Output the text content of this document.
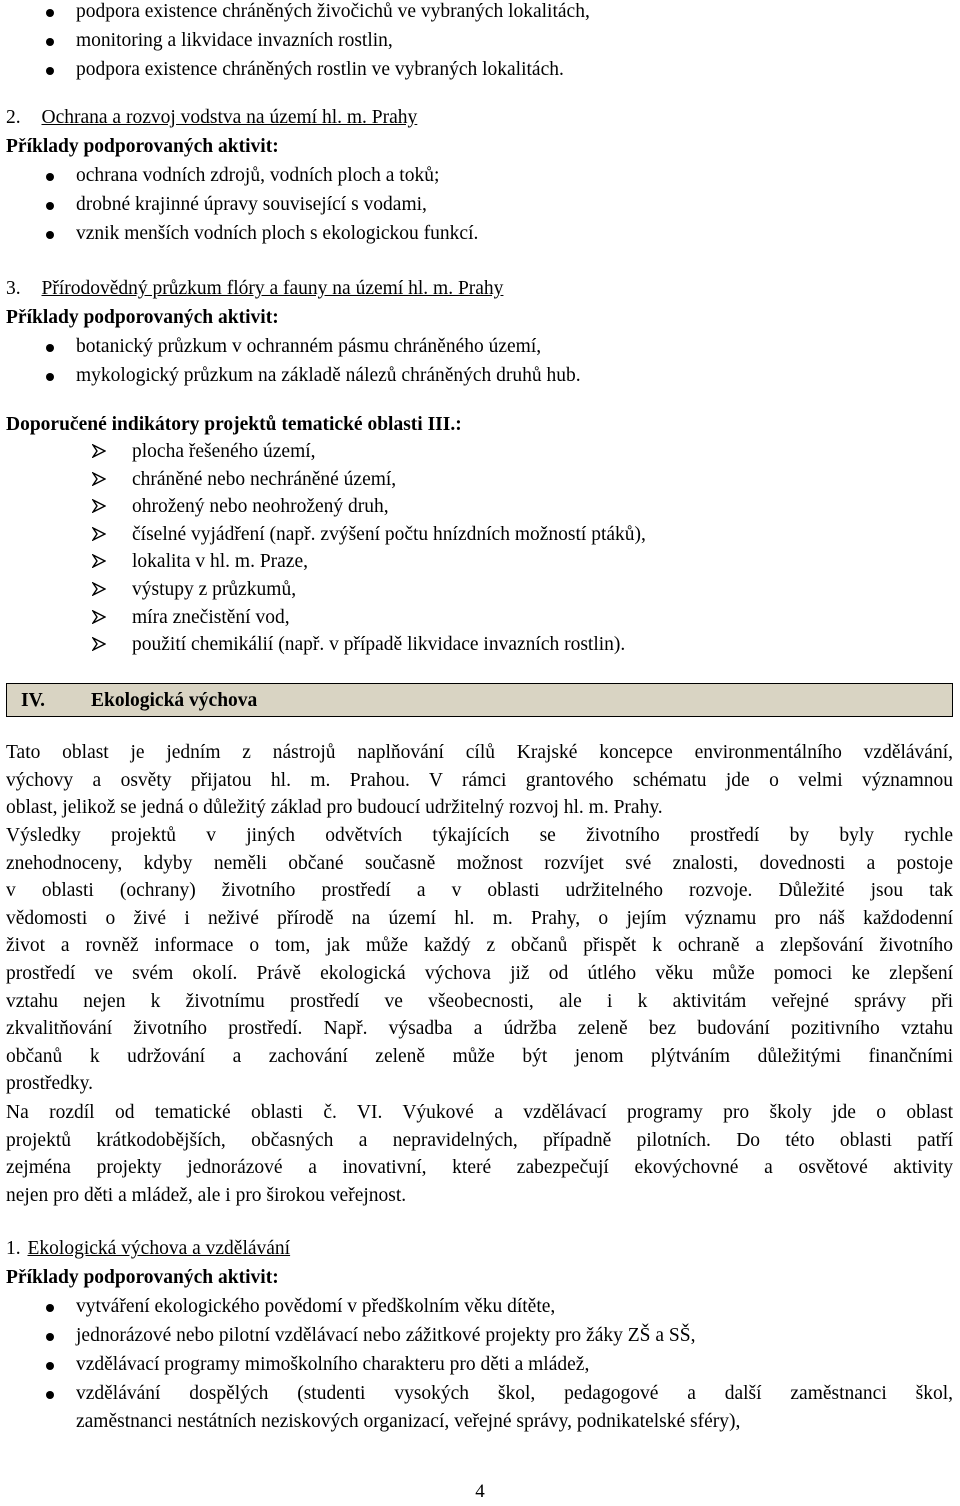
podpora existence chráněných živočichů ve vybraných lokalitách,
monitoring a likvidace invazních rostlin,
podpora existence chráněných rostlin ve vybraných lokalitách.
2. Ochrana a rozvoj vodstva na území hl. m. Prahy
Příklady podporovaných aktivit:
ochrana vodních zdrojů, vodních ploch a toků;
drobné krajinné úpravy související s vodami,
vznik menších vodních ploch s ekologickou funkcí.
3. Přírodovědný průzkum flóry a fauny na území hl. m. Prahy
Příklady podporovaných aktivit:
botanický průzkum v ochranném pásmu chráněného území,
mykologický průzkum na základě nálezů chráněných druhů hub.
Doporučené indikátory projektů tematické oblasti III.:
plocha řešeného území,
chráněné nebo nechráněné území,
ohrožený nebo neohrožený druh,
číselné vyjádření (např. zvýšení počtu hnízdních možností ptáků),
lokalita v hl. m. Praze,
výstupy z průzkumů,
míra znečistění vod,
použití chemikálií (např. v případě likvidace invazních rostlin).
IV. Ekologická výchova
Tato oblast je jedním z nástrojů naplňování cílů Krajské koncepce environmentálního vzdělávání,
výchovy a osvěty přijatou hl. m. Prahou. V rámci grantového schématu jde o velmi významnou
oblast, jelikož se jedná o důležitý základ pro budoucí udržitelný rozvoj hl. m. Prahy.
Výsledky projektů v jiných odvětvích týkajících se životního prostředí by byly rychle
znehodnoceny, kdyby neměli občané současně možnost rozvíjet své znalosti, dovednosti a postoje
v oblasti (ochrany) životního prostředí a v oblasti udržitelného rozvoje. Důležité jsou tak
vědomosti o živé i neživé přírodě na území hl. m. Prahy, o jejím významu pro náš každodenní
život a rovněž informace o tom, jak může každý z občanů přispět k ochraně a zlepšování životního
prostředí ve svém okolí. Právě ekologická výchova již od útlého věku může pomoci ke zlepšení
vztahu nejen k životnímu prostředí ve všeobecnosti, ale i k aktivitám veřejné správy při
zkvalitňování životního prostředí. Např. výsadba a údržba zeleně bez budování pozitivního vztahu
občanů k udržování a zachování zeleně může být jenom plýtváním důležitými finančními
prostředky.
Na rozdíl od tematické oblasti č. VI. Výukové a vzdělávací programy pro školy jde o oblast
projektů krátkodobějších, občasných a nepravidelných, případně pilotních. Do této oblasti patří
zejména projekty jednorázové a inovativní, které zabezpečují ekovýchovné a osvětové aktivity
nejen pro děti a mládež, ale i pro širokou veřejnost.
1. Ekologická výchova a vzdělávání
Příklady podporovaných aktivit:
vytváření ekologického povědomí v předškolním věku dítěte,
jednorázové nebo pilotní vzdělávací nebo zážitkové projekty pro žáky ZŠ a SŠ,
vzdělávací programy mimoškolního charakteru pro děti a mládež,
vzdělávání dospělých (studenti vysokých škol, pedagogové a další zaměstnanci škol,
zaměstnanci nestátních neziskových organizací, veřejné správy, podnikatelské sféry),
4
